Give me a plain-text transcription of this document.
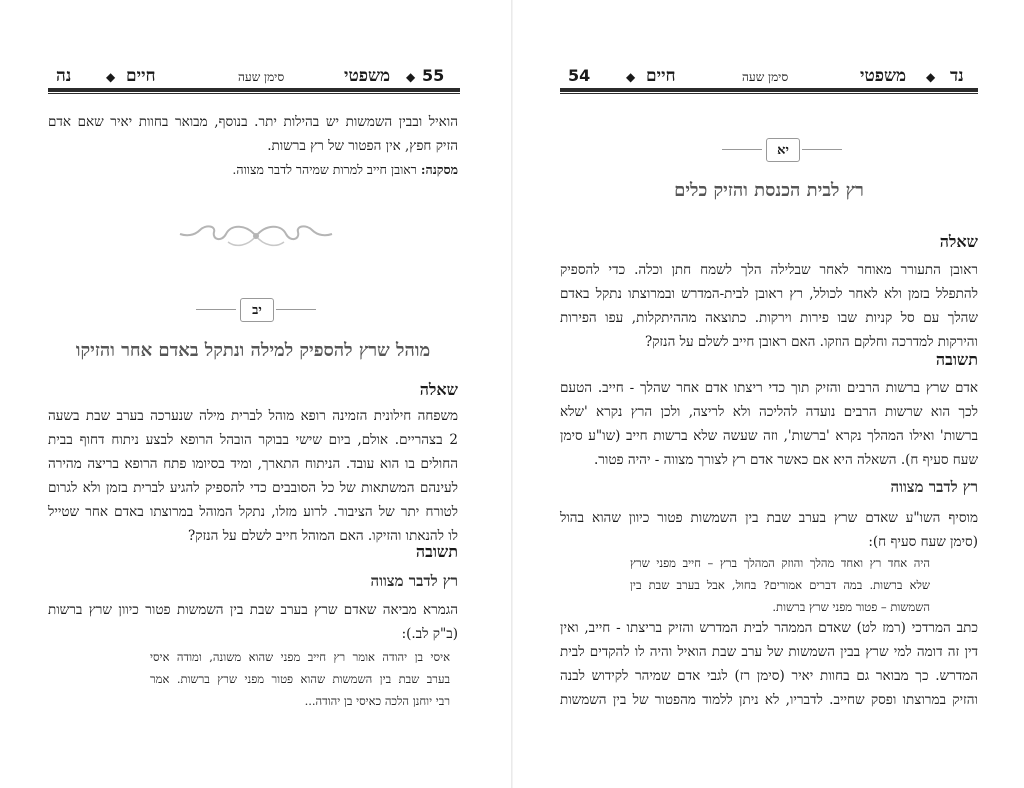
55
◆
משפטי
סימן שעה
חיים
◆
נה
הואיל ובבין השמשות יש בהילות יתר. בנוסף, מבואר בחוות יאיר שאם אדם
הזיק חפץ, אין הפטור של רץ ברשות.
מסקנה: ראובן חייב למרות שמיהר לדבר מצווה.
יב
מוהל שרץ להספיק למילה ונתקל באדם אחר והזיקו
שאלה
משפחה חילונית הזמינה רופא מוהל לברית מילה שנערכה בערב שבת בשעה
2 בצהריים. אולם, ביום שישי בבוקר הובהל הרופא לבצע ניתוח דחוף בבית
החולים בו הוא עובד. הניתוח התארך, ומיד בסיומו פתח הרופא בריצה מהירה
לעינהם המשתאות של כל הסובבים כדי להספיק להגיע לברית בזמן ולא לגרום
לטורח יתר של הציבור. לרוע מזלו, נתקל המוהל במרוצתו באדם אחר שטייל
לו להנאתו והזיקו. האם המוהל חייב לשלם על הנזק?
תשובה
רץ לדבר מצווה
הגמרא מביאה שאדם שרץ בערב שבת בין השמשות פטור כיוון שרץ ברשות
(ב"ק לב.):
איסי בן יהודה אומר רץ חייב מפני שהוא משונה, ומודה איסי
בערב שבת בין השמשות שהוא פטור מפני שרץ ברשות. אמר
רבי יוחנן הלכה כאיסי בן יהודה...
54	◆ חיים	סימן שעה	משפטי ◆ נד
יא
רץ לבית הכנסת והזיק כלים
שאלה
ראובן התעורר מאוחר לאחר שבלילה הלך לשמח חתן וכלה. כדי להספיק
להתפלל בזמן ולא לאחר לכולל, רץ ראובן לבית-המדרש ובמרוצתו נתקל באדם
שהלך עם סל קניות שבו פירות וירקות. כתוצאה מההיתקלות, עפו הפירות
והירקות למדרכה וחלקם הוזקו. האם ראובן חייב לשלם על הנזק?
תשובה
אדם שרץ ברשות הרבים והזיק תוך כדי ריצתו אדם אחר שהלך - חייב. הטעם
לכך הוא שרשות הרבים נועדה להליכה ולא לריצה, ולכן הרץ נקרא 'שלא
ברשות' ואילו המהלך נקרא 'ברשות', וזה שעשה שלא ברשות חייב (שו"ע סימן
שעח סעיף ח). השאלה היא אם כאשר אדם רץ לצורך מצווה - יהיה פטור.
רץ לדבר מצווה
מוסיף השו"ע שאדם שרץ בערב שבת בין השמשות פטור כיוון שהוא בהול
(סימן שעח סעיף ח):
היה אחד רץ ואחד מהלך והוזק המהלך ברץ – חייב מפני שרץ
שלא ברשות. במה דברים אמורים? בחול, אבל בערב שבת בין
השמשות – פטור מפני שרץ ברשות.
כתב המרדכי (רמז לט) שאדם הממהר לבית המדרש והזיק בריצתו - חייב, ואין
דין זה דומה למי שרץ בבין השמשות של ערב שבת הואיל והיה לו להקדים לבית
המדרש. כך מבואר גם בחוות יאיר (סימן רז) לגבי אדם שמיהר לקידוש לבנה
והזיק במרוצתו ופסק שחייב. לדבריו, לא ניתן ללמוד מהפטור של בין השמשות
